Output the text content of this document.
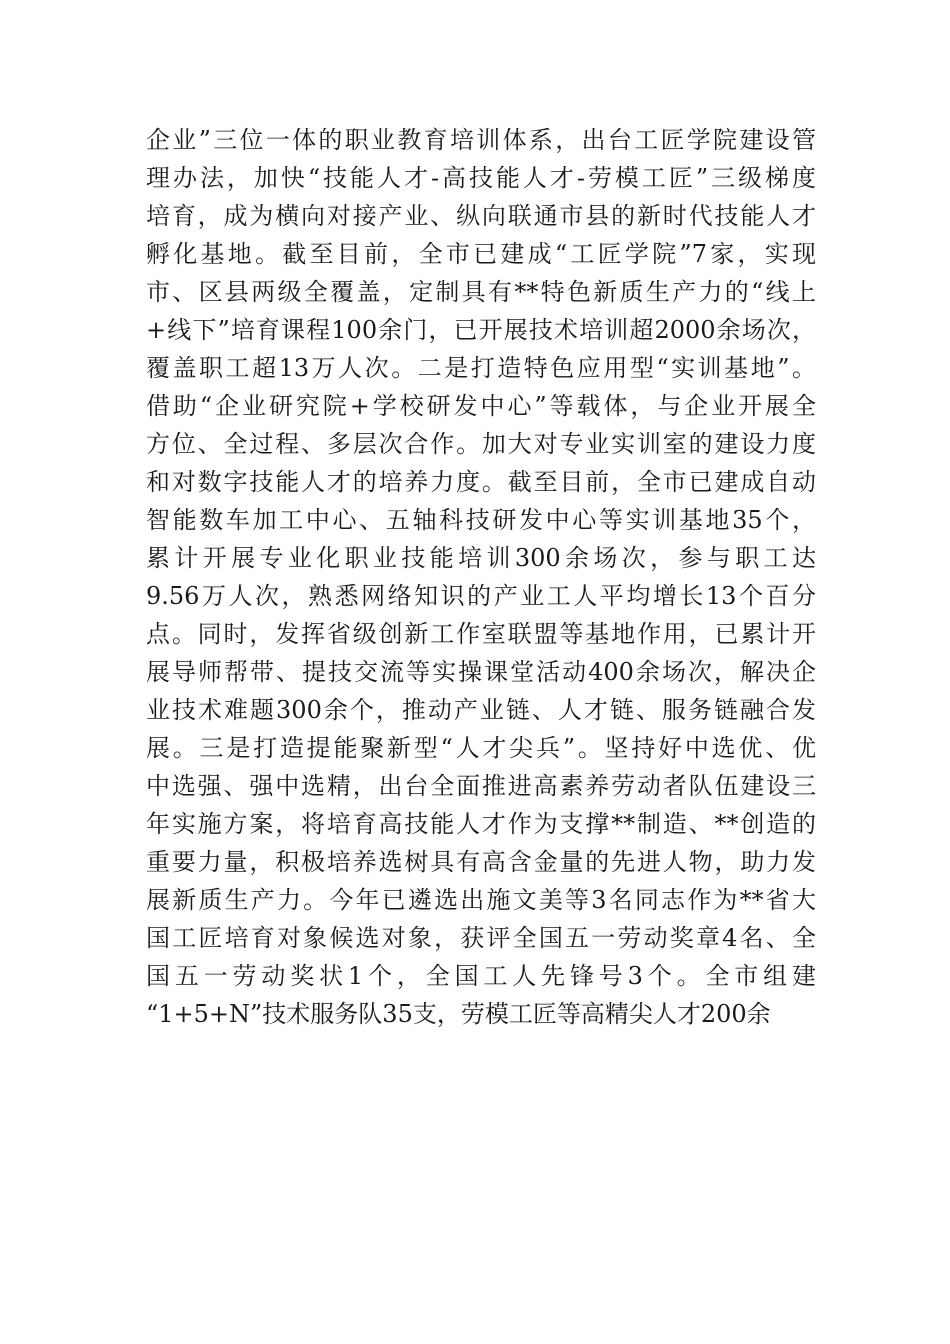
企业”三位一体的职业教育培训体系，出台工匠学院建设管
理办法，加快“技能人才-高技能人才-劳模工匠”三级梯度
培育，成为横向对接产业、纵向联通市县的新时代技能人才
孵化基地。截至目前，全市已建成“工匠学院”7家，实现
市、区县两级全覆盖，定制具有**特色新质生产力的“线上
+线下”培育课程100余门，已开展技术培训超2000余场次，
覆盖职工超13万人次。二是打造特色应用型“实训基地”。
借助“企业研究院+学校研发中心”等载体，与企业开展全
方位、全过程、多层次合作。加大对专业实训室的建设力度
和对数字技能人才的培养力度。截至目前，全市已建成自动
智能数车加工中心、五轴科技研发中心等实训基地35个，
累计开展专业化职业技能培训300余场次，参与职工达
9.56万人次，熟悉网络知识的产业工人平均增长13个百分
点。同时，发挥省级创新工作室联盟等基地作用，已累计开
展导师帮带、提技交流等实操课堂活动400余场次，解决企
业技术难题300余个，推动产业链、人才链、服务链融合发
展。三是打造提能聚新型“人才尖兵”。坚持好中选优、优
中选强、强中选精，出台全面推进高素养劳动者队伍建设三
年实施方案，将培育高技能人才作为支撑**制造、**创造的
重要力量，积极培养选树具有高含金量的先进人物，助力发
展新质生产力。今年已遴选出施文美等3名同志作为**省大
国工匠培育对象候选对象，获评全国五一劳动奖章4名、全
国五一劳动奖状1个，全国工人先锋号3个。全市组建
“1+5+N”技术服务队35支，劳模工匠等高精尖人才200余
